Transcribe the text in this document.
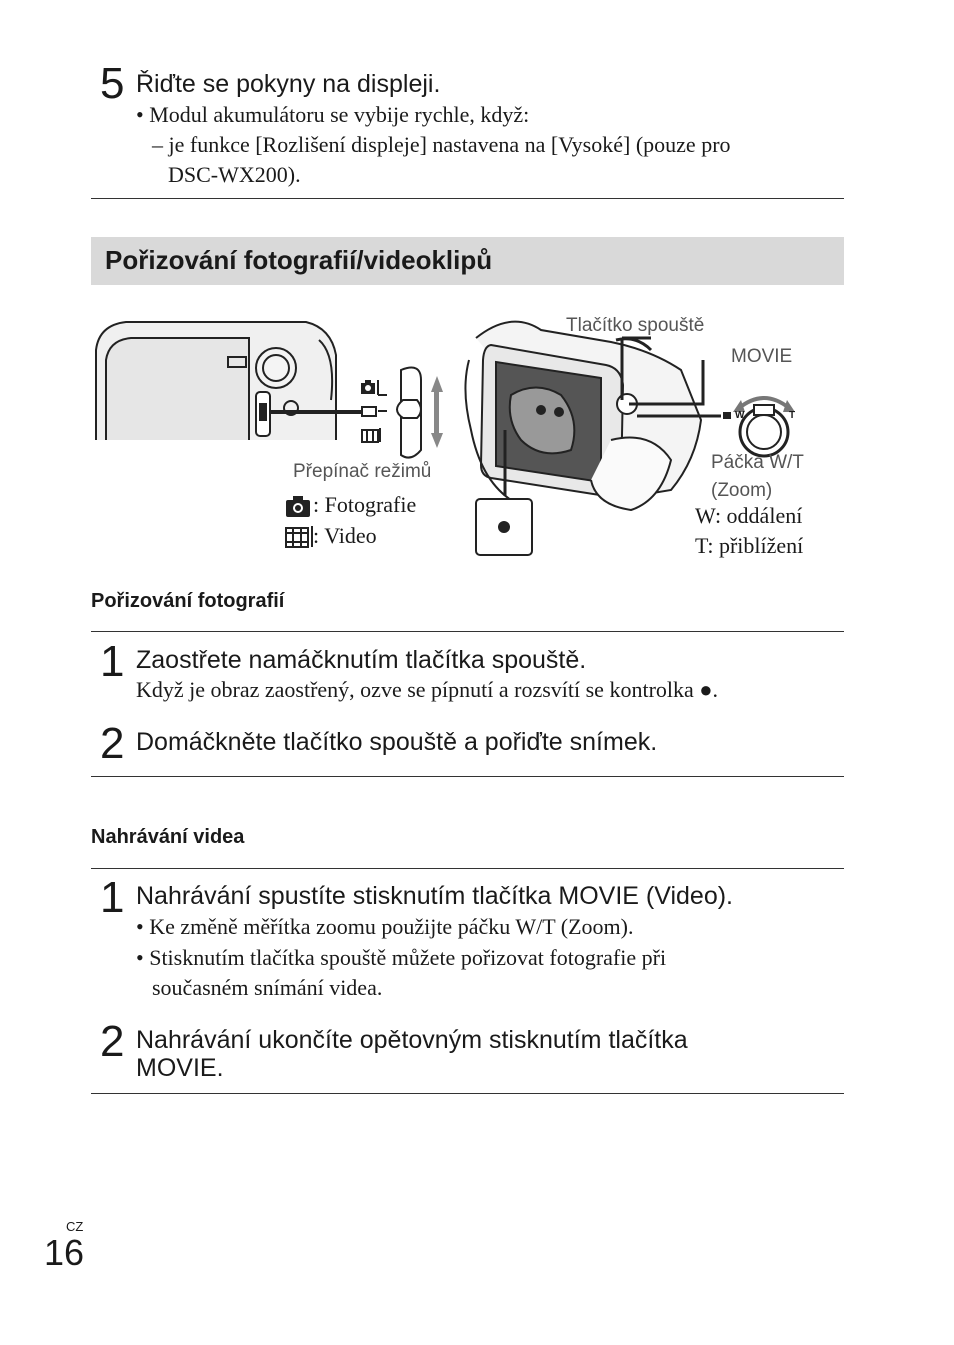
5 Řiďte se pokyny na displeji.
• Modul akumulátoru se vybije rychle, když:
– je funkce [Rozlišení displeje] nastavena na [Vysoké] (pouze pro
DSC-WX200).
Pořizování fotografií/videoklipů
Tlačítko spouště
MOVIE
W	T
Přepínač režimů	Páčka W/T
(Zoom)
: Fotografie
: Video
W: oddálení
T: přiblížení
Pořizování fotografií
1 Zaostřete namáčknutím tlačítka spouště.
Když je obraz zaostřený, ozve se pípnutí a rozsvítí se kontrolka ●.
2 Domáčkněte tlačítko spouště a pořiďte snímek.
Nahrávání videa
1 Nahrávání spustíte stisknutím tlačítka MOVIE (Video).
• Ke změně měřítka zoomu použijte páčku W/T (Zoom).
• Stisknutím tlačítka spouště můžete pořizovat fotografie při
současném snímání videa.
2 Nahrávání ukončíte opětovným stisknutím tlačítka
MOVIE.
CZ
16
